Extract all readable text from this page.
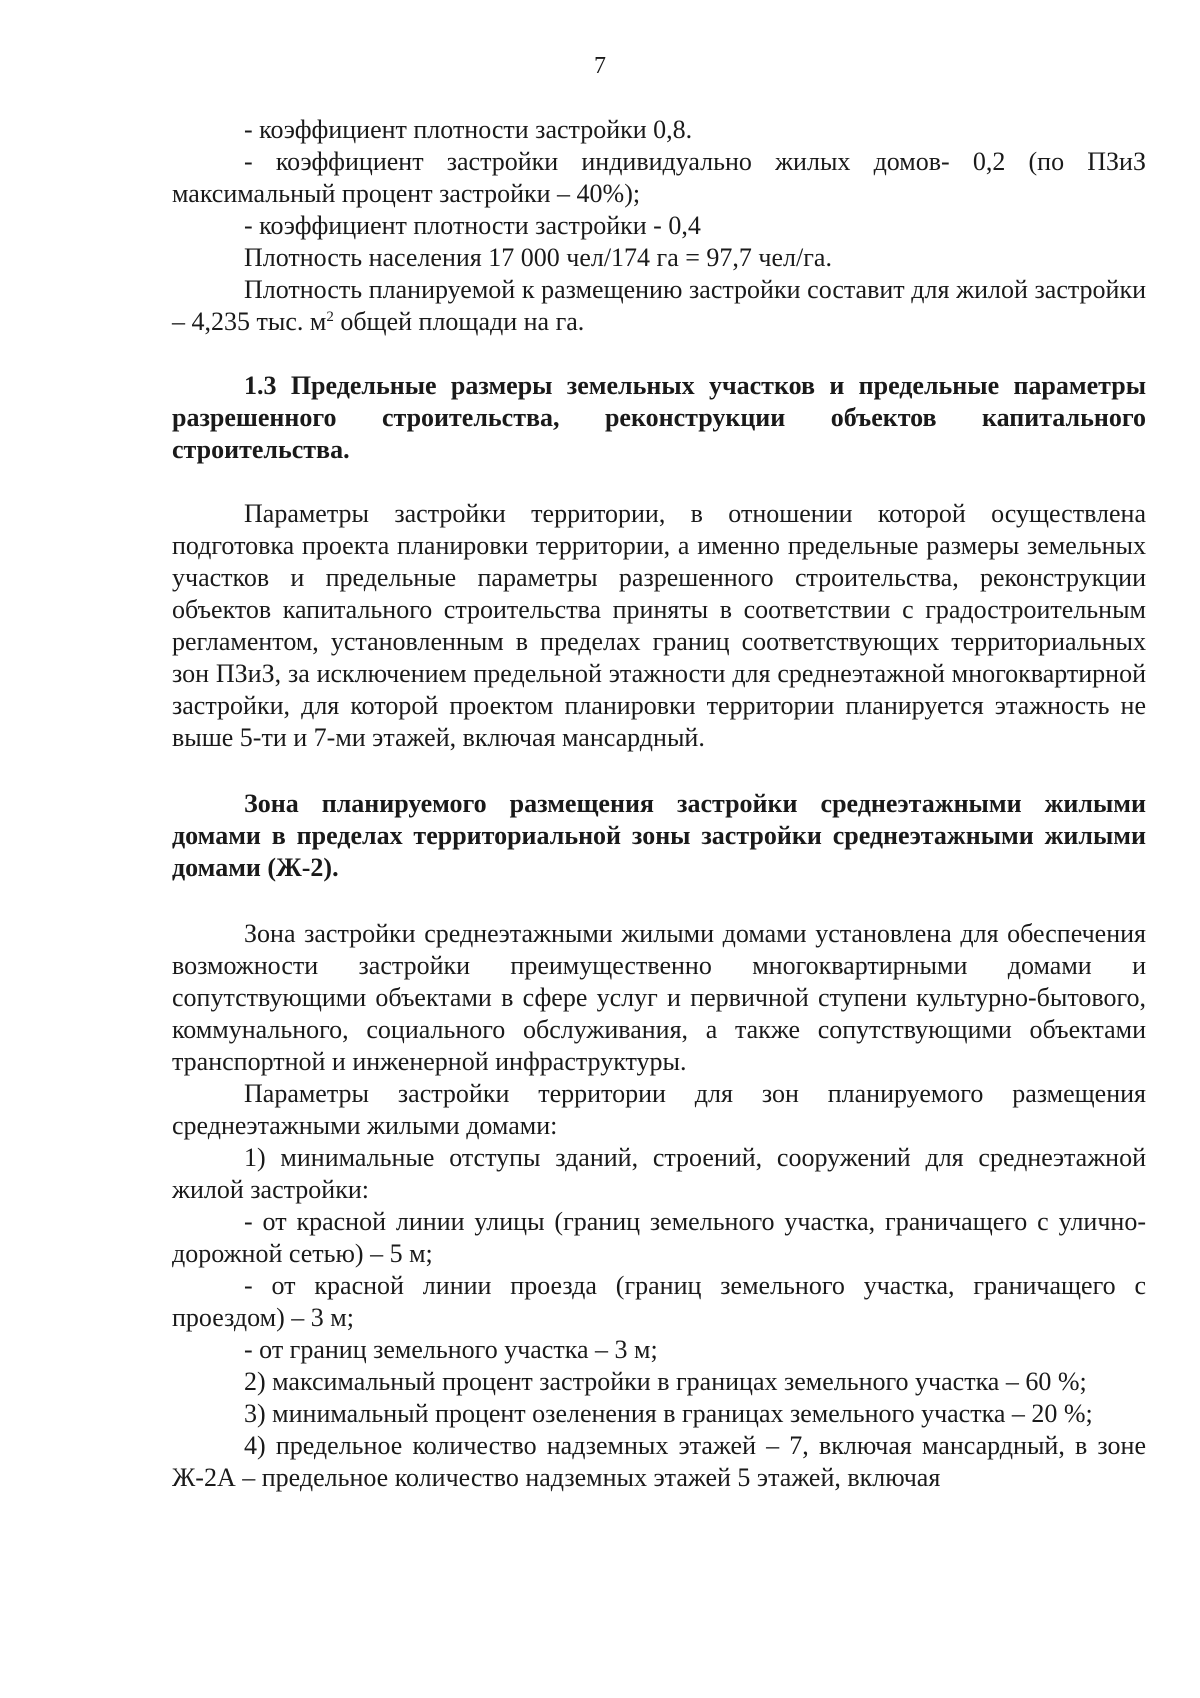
7

- коэффициент плотности застройки 0,8.

- коэффициент застройки индивидуально жилых домов- 0,2 (по ПЗиЗ максимальный процент застройки – 40%);

- коэффициент плотности застройки - 0,4

Плотность населения 17 000 чел/174 га = 97,7 чел/га.

Плотность планируемой к размещению застройки составит для жилой застройки – 4,235 тыс. $м^2$ общей площади на га.

1.3 Предельные размеры земельных участков и предельные параметры разрешенного строительства, реконструкции объектов капитального строительства.

Параметры застройки территории, в отношении которой осуществлена подготовка проекта планировки территории, а именно предельные размеры земельных участков и предельные параметры разрешенного строительства, реконструкции объектов капитального строительства приняты в соответствии с градостроительным регламентом, установленным в пределах границ соответствующих территориальных зон ПЗиЗ, за исключением предельной этажности для среднеэтажной многоквартирной застройки, для которой проектом планировки территории планируется этажность не выше 5-ти и 7-ми этажей, включая мансардный.

Зона планируемого размещения застройки среднеэтажными жилыми домами в пределах территориальной зоны застройки среднеэтажными жилыми домами (Ж-2).

Зона застройки среднеэтажными жилыми домами установлена для обеспечения возможности застройки преимущественно многоквартирными домами и сопутствующими объектами в сфере услуг и первичной ступени культурно-бытового, коммунального, социального обслуживания, а также сопутствующими объектами транспортной и инженерной инфраструктуры.

Параметры застройки территории для зон планируемого размещения среднеэтажными жилыми домами:

1) минимальные отступы зданий, строений, сооружений для среднеэтажной жилой застройки:

- от красной линии улицы (границ земельного участка, граничащего с улично-дорожной сетью) – 5 м;

- от красной линии проезда (границ земельного участка, граничащего с проездом) – 3 м;

- от границ земельного участка – 3 м;

2) максимальный процент застройки в границах земельного участка – 60 %;

3) минимальный процент озеленения в границах земельного участка – 20 %;

4) предельное количество надземных этажей – 7, включая мансардный, в зоне Ж-2А – предельное количество надземных этажей 5 этажей, включая
